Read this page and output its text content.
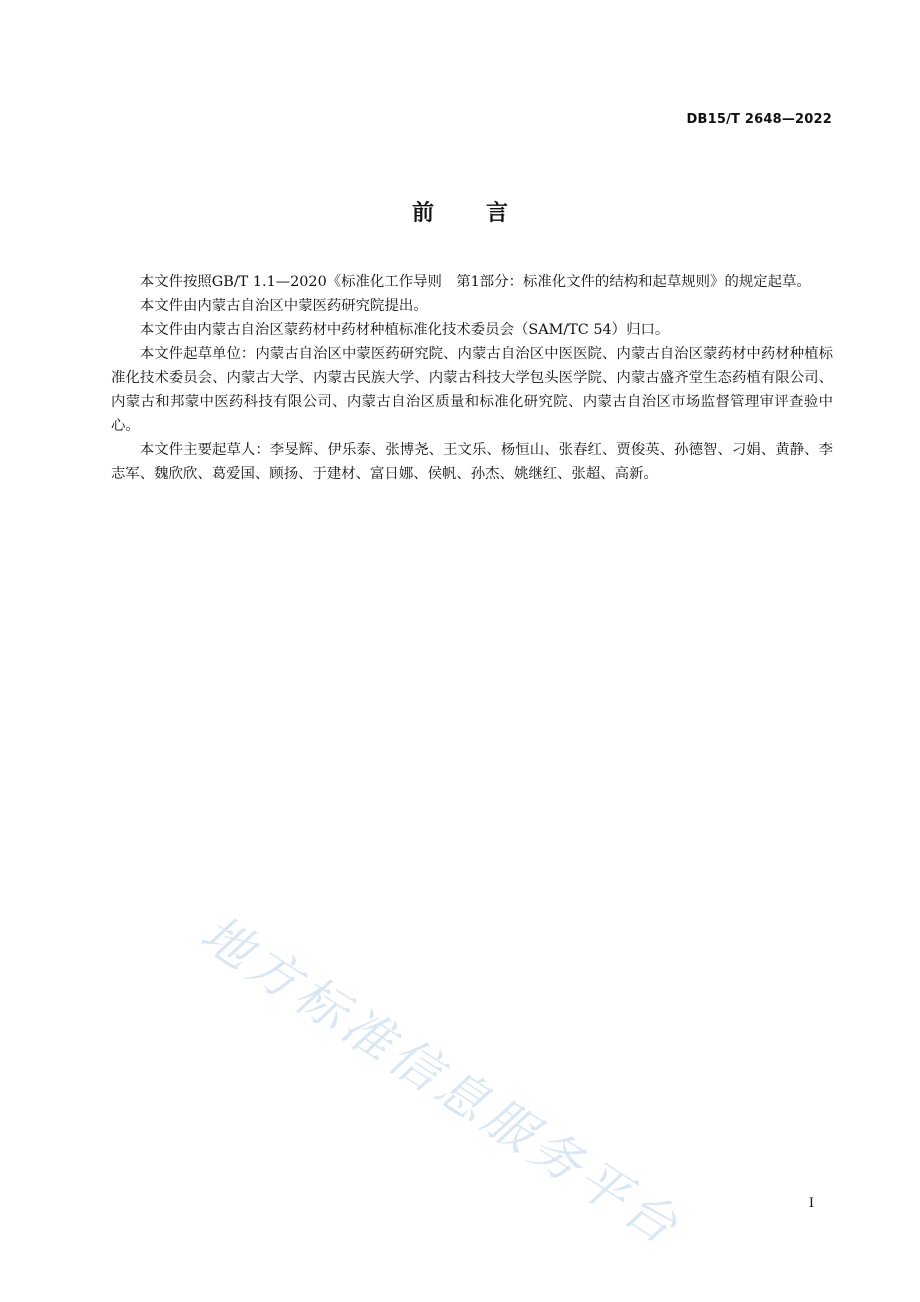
DB15/T 2648—2022
前言

本文件按照GB/T 1.1—2020《标准化工作导则　第1部分：标准化文件的结构和起草规则》的规定起草。

本文件由内蒙古自治区中蒙医药研究院提出。

本文件由内蒙古自治区蒙药材中药材种植标准化技术委员会（SAM/TC 54）归口。

本文件起草单位：内蒙古自治区中蒙医药研究院、内蒙古自治区中医医院、内蒙古自治区蒙药材中药材种植标准化技术委员会、内蒙古大学、内蒙古民族大学、内蒙古科技大学包头医学院、内蒙古盛齐堂生态药植有限公司、内蒙古和邦蒙中医药科技有限公司、内蒙古自治区质量和标准化研究院、内蒙古自治区市场监督管理审评查验中心。

本文件主要起草人：李旻辉、伊乐泰、张博尧、王文乐、杨恒山、张春红、贾俊英、孙德智、刁娟、黄静、李志军、魏欣欣、葛爱国、顾扬、于建材、富日娜、侯帆、孙杰、姚继红、张超、高新。

地方标准信息服务平台	I
